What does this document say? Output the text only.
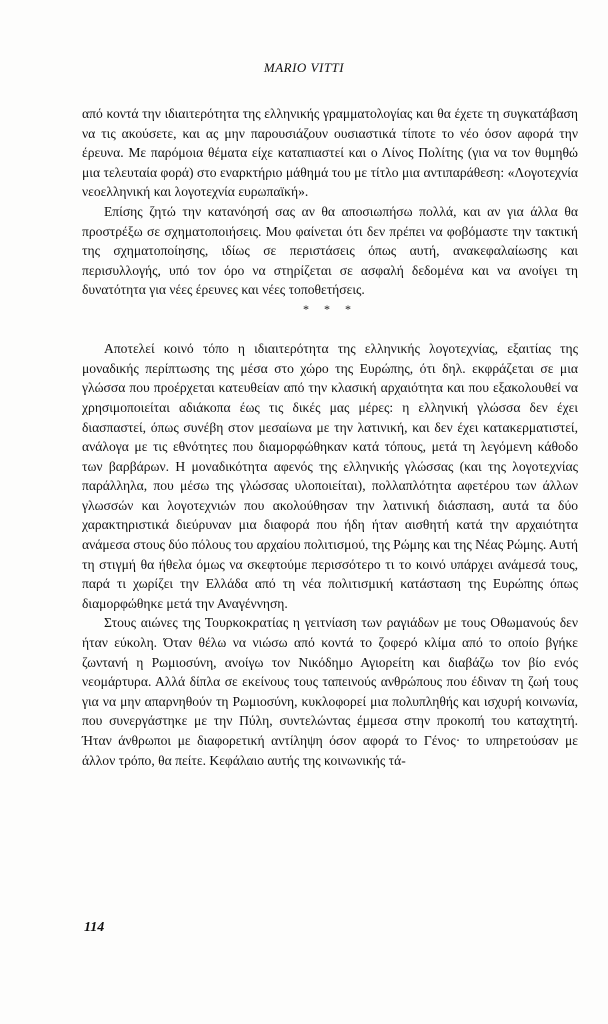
MARIO VITTI

από κοντά την ιδιαιτερότητα της ελληνικής γραμματολογίας και θα έχετε τη συγκατάβαση να τις ακούσετε, και ας μην παρουσιάζουν ουσιαστικά τίποτε το νέο όσον αφορά την έρευνα. Με παρόμοια θέματα είχε καταπιαστεί και ο Λίνος Πολίτης (για να τον θυμηθώ μια τελευταία φορά) στο εναρκτήριο μάθημά του με τίτλο μια αντιπαράθεση: «Λογοτεχνία νεοελληνική και λογοτεχνία ευρωπαϊκή».

Επίσης ζητώ την κατανόησή σας αν θα αποσιωπήσω πολλά, και αν για άλλα θα προστρέξω σε σχηματοποιήσεις. Μου φαίνεται ότι δεν πρέπει να φοβόμαστε την τακτική της σχηματοποίησης, ιδίως σε περιστάσεις όπως αυτή, ανακεφαλαίωσης και περισυλλογής, υπό τον όρο να στηρίζεται σε ασφαλή δεδομένα και να ανοίγει τη δυνατότητα για νέες έρευνες και νέες τοποθετήσεις.

* * *

Αποτελεί κοινό τόπο η ιδιαιτερότητα της ελληνικής λογοτεχνίας, εξαιτίας της μοναδικής περίπτωσης της μέσα στο χώρο της Ευρώπης, ότι δηλ. εκφράζεται σε μια γλώσσα που προέρχεται κατευθείαν από την κλασική αρχαιότητα και που εξακολουθεί να χρησιμοποιείται αδιάκοπα έως τις δικές μας μέρες: η ελληνική γλώσσα δεν έχει διασπαστεί, όπως συνέβη στον μεσαίωνα με την λατινική, και δεν έχει κατακερματιστεί, ανάλογα με τις εθνότητες που διαμορφώθηκαν κατά τόπους, μετά τη λεγόμενη κάθοδο των βαρβάρων. Η μοναδικότητα αφενός της ελληνικής γλώσσας (και της λογοτεχνίας παράλληλα, που μέσω της γλώσσας υλοποιείται), πολλαπλότητα αφετέρου των άλλων γλωσσών και λογοτεχνιών που ακολούθησαν την λατινική διάσπαση, αυτά τα δύο χαρακτηριστικά διεύρυναν μια διαφορά που ήδη ήταν αισθητή κατά την αρχαιότητα ανάμεσα στους δύο πόλους του αρχαίου πολιτισμού, της Ρώμης και της Νέας Ρώμης. Αυτή τη στιγμή θα ήθελα όμως να σκεφτούμε περισσότερο τι το κοινό υπάρχει ανάμεσά τους, παρά τι χωρίζει την Ελλάδα από τη νέα πολιτισμική κατάσταση της Ευρώπης όπως διαμορφώθηκε μετά την Αναγέννηση.

Στους αιώνες της Τουρκοκρατίας η γειτνίαση των ραγιάδων με τους Οθωμανούς δεν ήταν εύκολη. Όταν θέλω να νιώσω από κοντά το ζοφερό κλίμα από το οποίο βγήκε ζωντανή η Ρωμιοσύνη, ανοίγω τον Νικόδημο Αγιορείτη και διαβάζω τον βίο ενός νεομάρτυρα. Αλλά δίπλα σε εκείνους τους ταπεινούς ανθρώπους που έδιναν τη ζωή τους για να μην απαρνηθούν τη Ρωμιοσύνη, κυκλοφορεί μια πολυπληθής και ισχυρή κοινωνία, που συνεργάστηκε με την Πύλη, συντελώντας έμμεσα στην προκοπή του καταχτητή. Ήταν άνθρωποι με διαφορετική αντίληψη όσον αφορά το Γένος· το υπηρετούσαν με άλλον τρόπο, θα πείτε. Κεφάλαιο αυτής της κοινωνικής τά-

114
